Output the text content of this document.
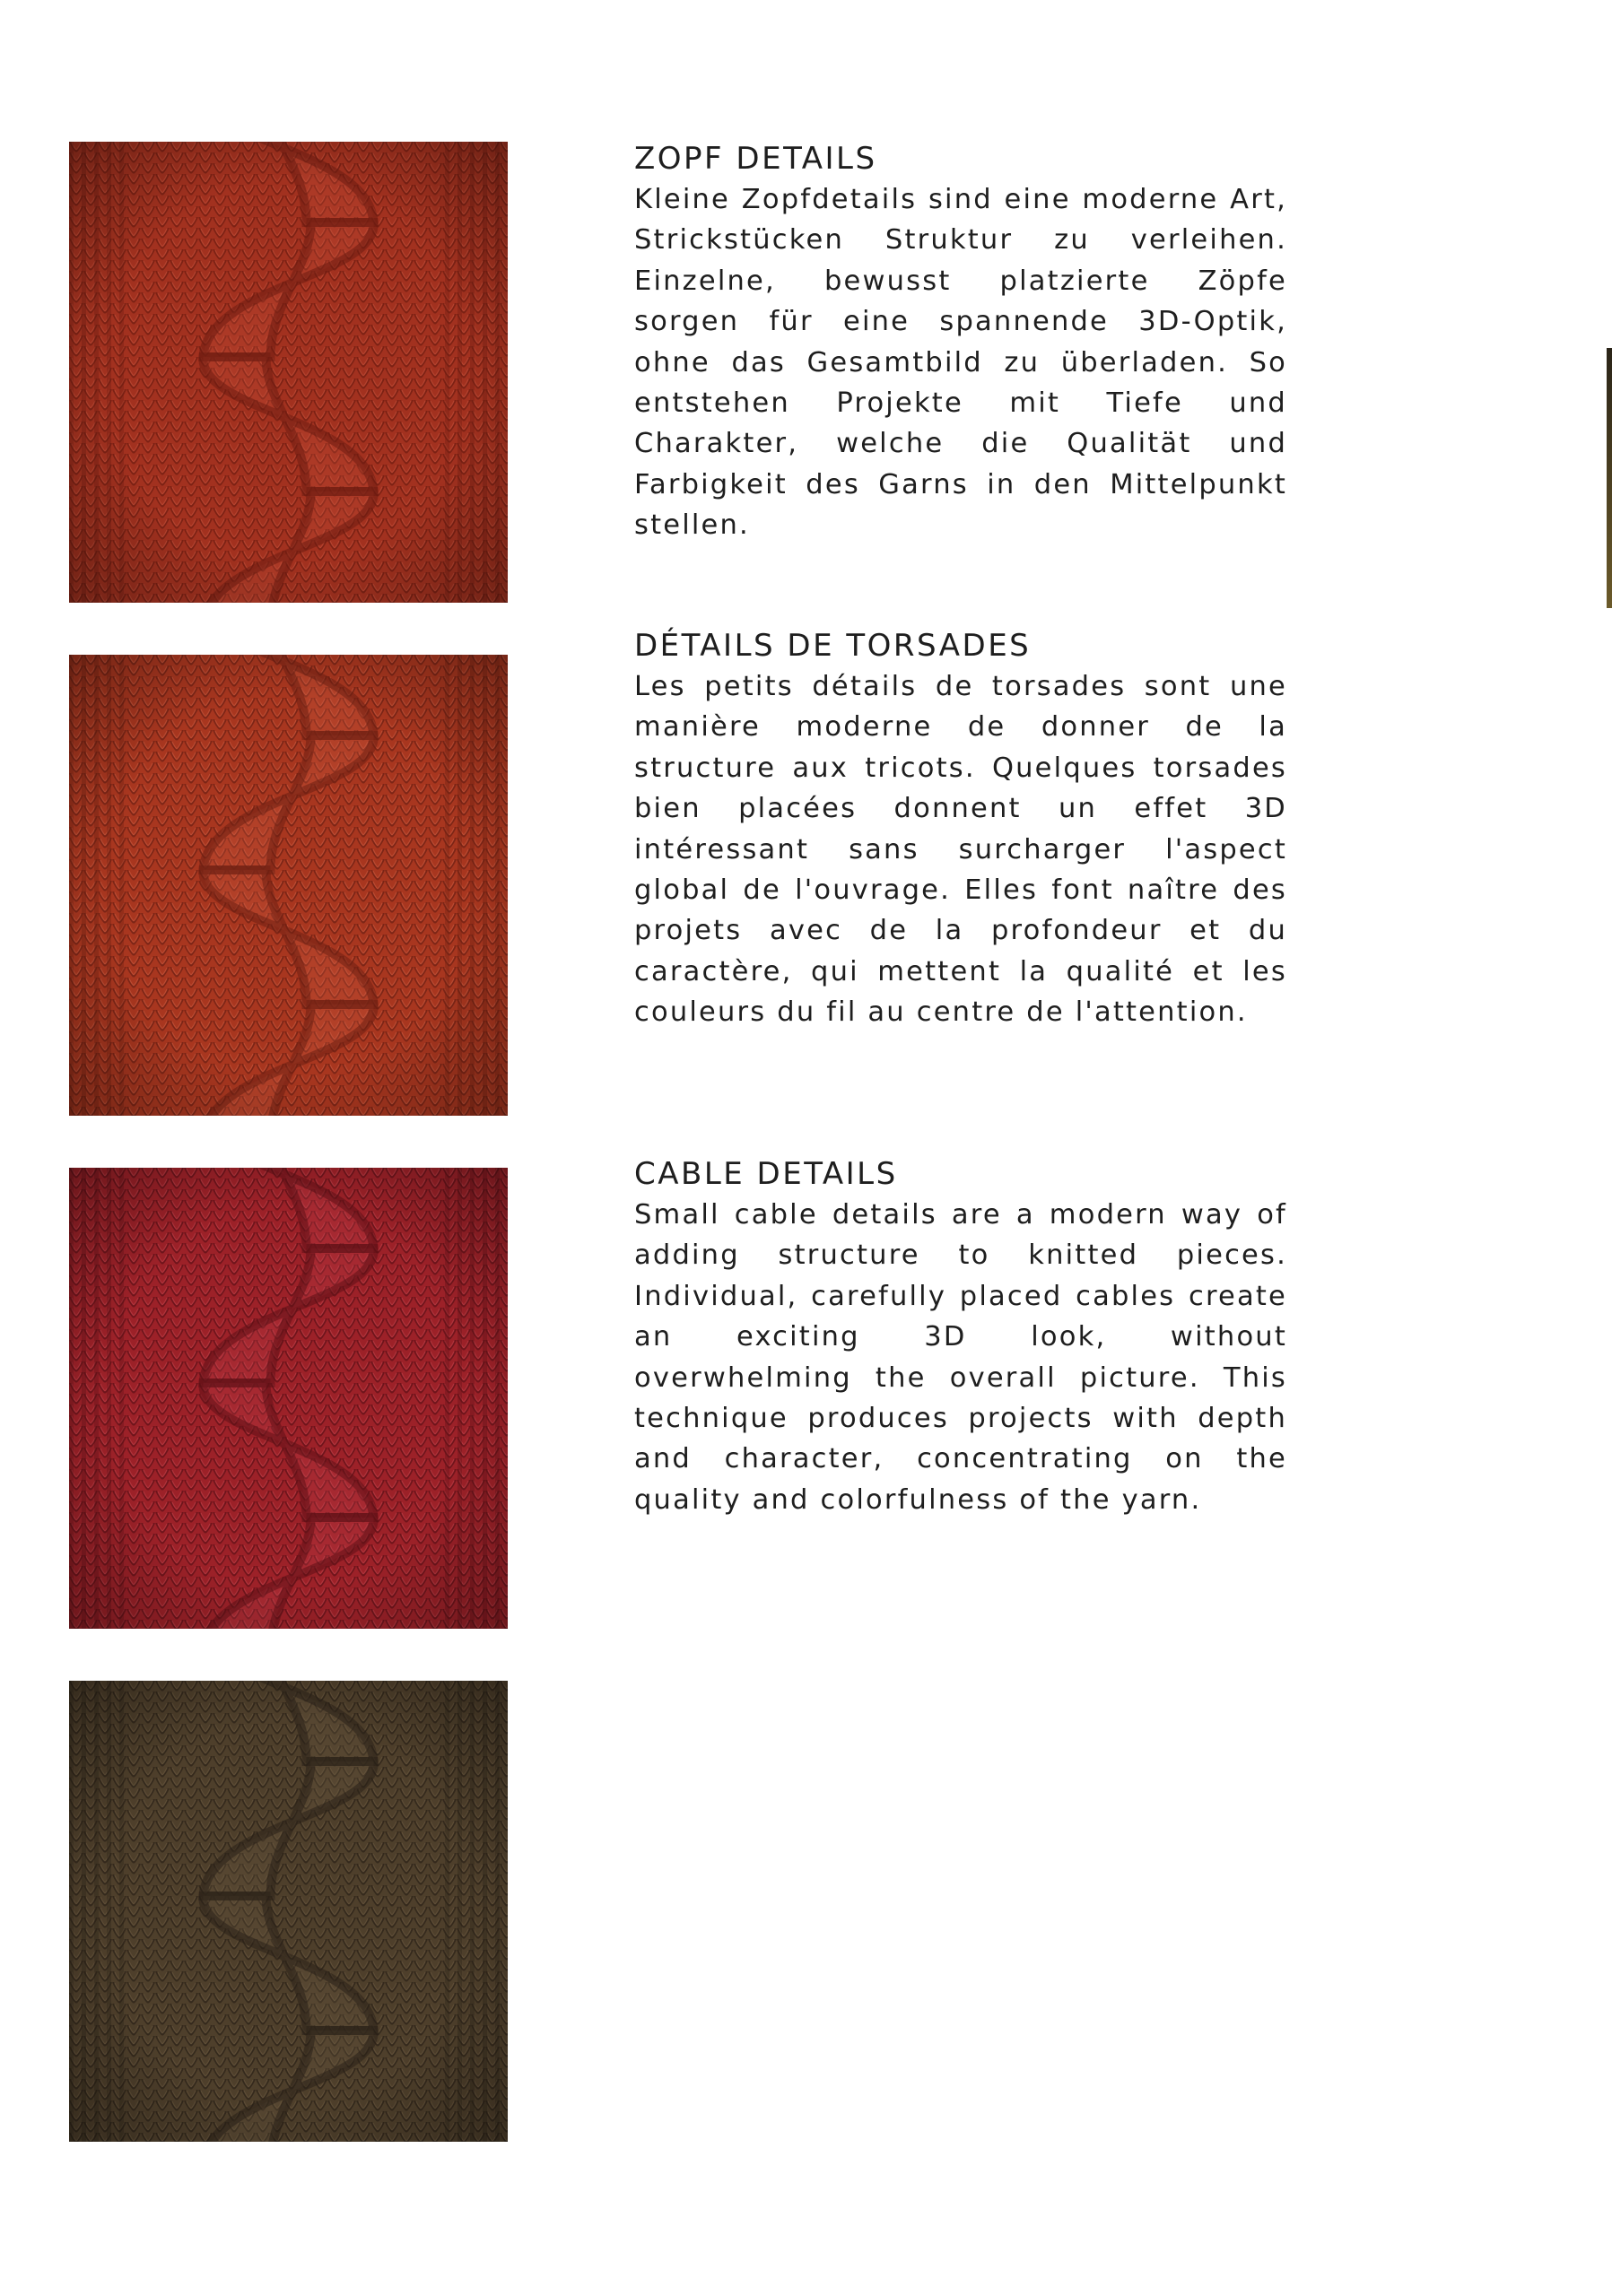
ZOPF DETAILS

Kleine Zopfdetails sind eine moderne Art, Strickstücken Struktur zu verleihen. Einzelne, bewusst platzierte Zöpfe sorgen für eine spannende 3D-Optik, ohne das Gesamtbild zu überladen. So entstehen Projekte mit Tiefe und Charakter, welche die Qualität und Farbigkeit des Garns in den Mittelpunkt stellen.

DÉTAILS DE TORSADES

Les petits détails de torsades sont une manière moderne de donner de la structure aux tricots. Quelques torsades bien placées donnent un effet 3D intéressant sans surcharger l'aspect global de l'ouvrage. Elles font naître des projets avec de la profondeur et du caractère, qui mettent la qualité et les couleurs du fil au centre de l'attention.

CABLE DETAILS

Small cable details are a modern way of adding structure to knitted pieces. Individual, carefully placed cables create an exciting 3D look, without overwhelming the overall picture. This technique produces projects with depth and character, concentrating on the quality and colorfulness of the yarn.
